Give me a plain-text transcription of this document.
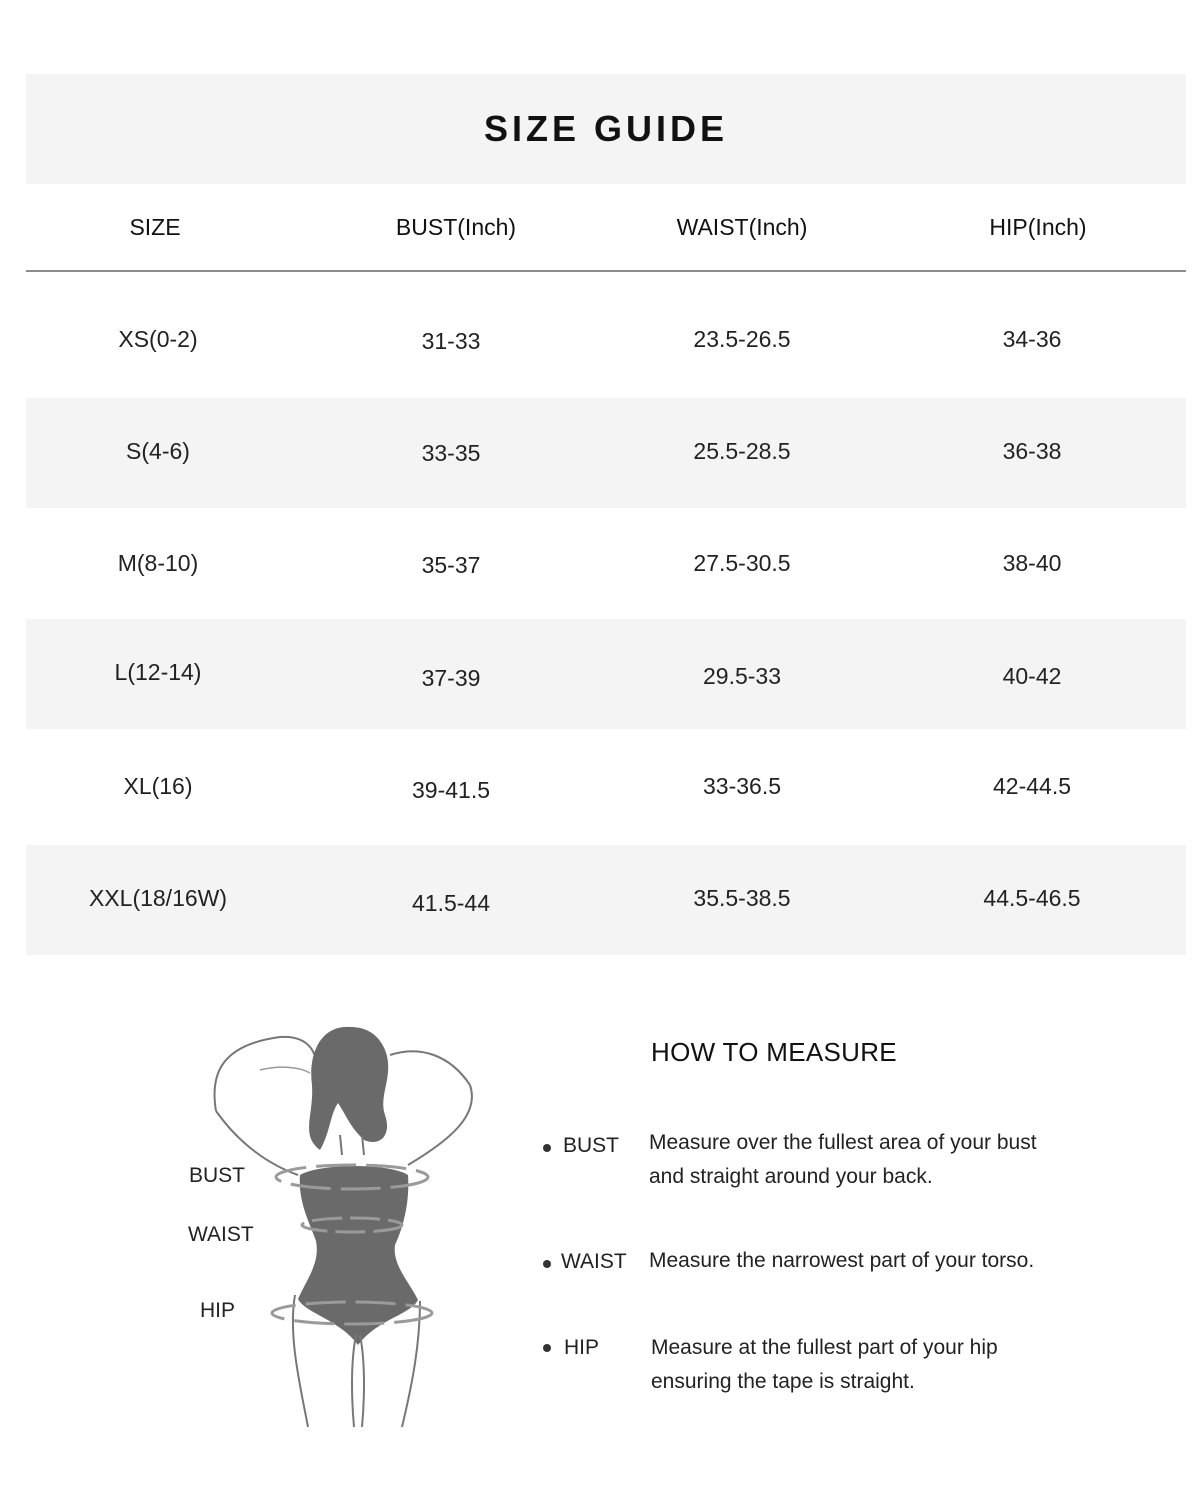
SIZE GUIDE
SIZE	BUST(Inch)	WAIST(Inch)	HIP(Inch)
XS(0-2)	31-33	23.5-26.5	34-36
S(4-6)	33-35	25.5-28.5	36-38
M(8-10)	35-37	27.5-30.5	38-40
L(12-14)	37-39	29.5-33	40-42
XL(16)	39-41.5	33-36.5	42-44.5
XXL(18/16W)	41.5-44	35.5-38.5	44.5-46.5
BUST
WAIST
HIP
HOW TO MEASURE
BUST Measure over the fullest area of your bust
and straight around your back.
WAIST Measure the narrowest part of your torso.
HIP Measure at the fullest part of your hip
ensuring the tape is straight.
